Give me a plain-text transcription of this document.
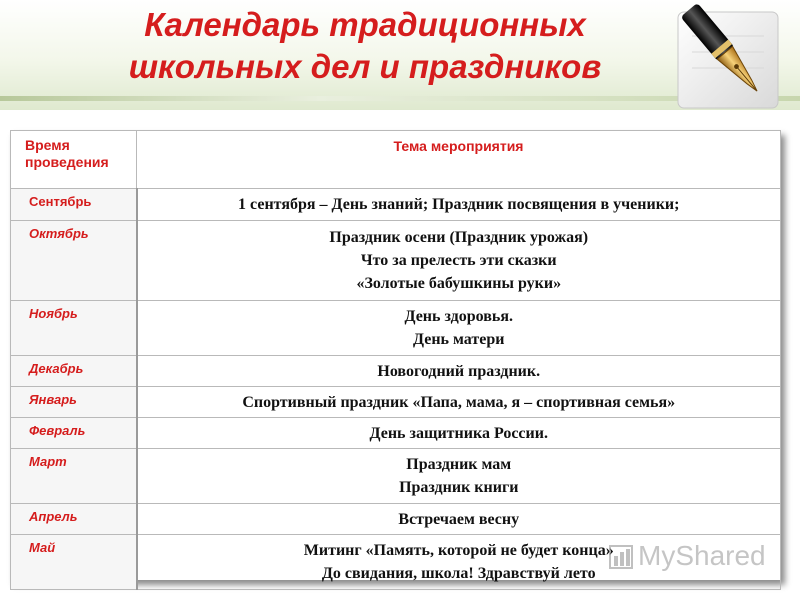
Календарь традиционных
школьных дел и праздников
Время проведения	Тема мероприятия
Сентябрь	1 сентября – День знаний; Праздник посвящения в ученики;

Октябрь	Праздник осени (Праздник урожая)
Что за прелесть эти сказки
«Золотые бабушкины руки»

Ноябрь	День здоровья.
День матери

Декабрь	Новогодний праздник.

Январь	Спортивный праздник «Папа, мама, я – спортивная семья»

Февраль	День защитника России.

Март	Праздник мам
Праздник книги

Апрель	Встречаем весну

Май	Митинг «Память, которой не будет конца»
До свидания, школа! Здравствуй лето
MyShared
